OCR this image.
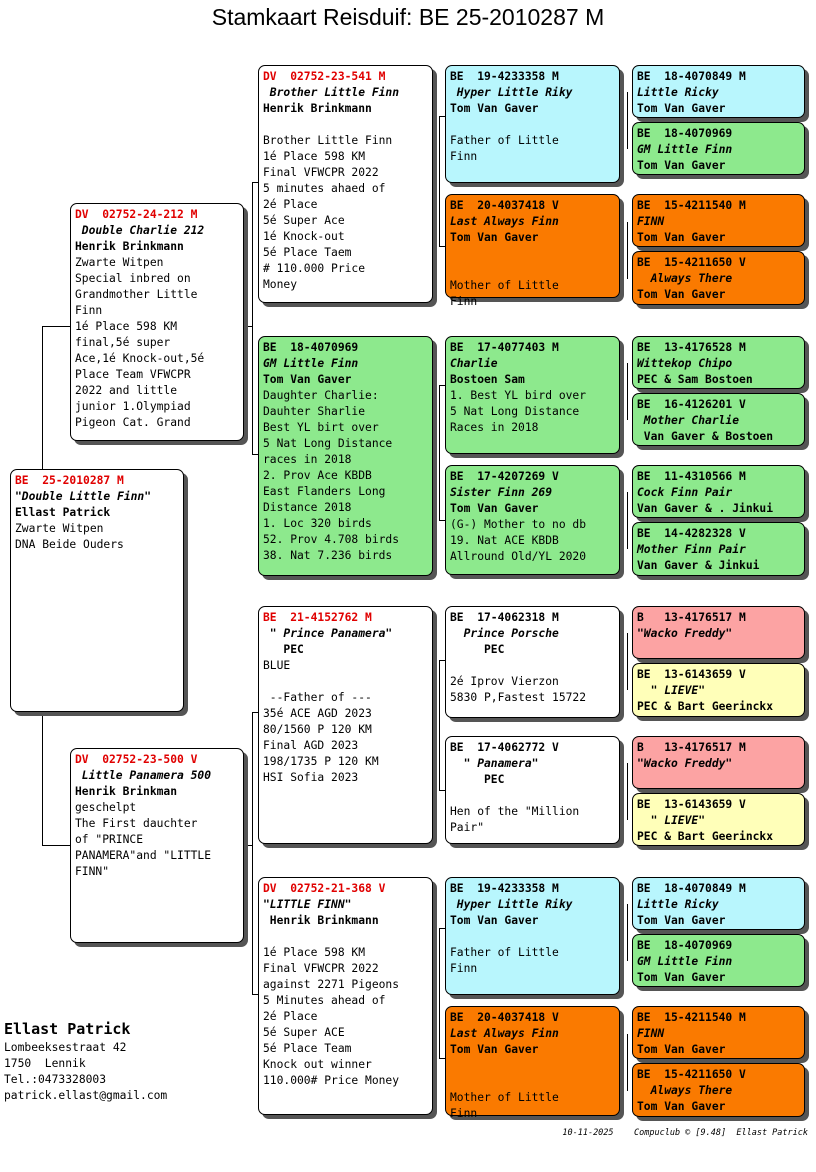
Stamkaart Reisduif: BE 25-2010287 M
BE  25-2010287 M
"Double Little Finn"
Ellast Patrick
Zwarte Witpen
DNA Beide Ouders
DV  02752-24-212 M
Double Charlie 212
Henrik Brinkmann
Zwarte Witpen
Special inbred on
Grandmother Little
Finn
1é Place 598 KM
final,5é super
Ace,1é Knock-out,5é
Place Team VFWCPR
2022 and little
junior 1.Olympiad
Pigeon Cat. Grand
DV  02752-23-500 V
Little Panamera 500
Henrik Brinkman
geschelpt
The First dauchter
of "PRINCE
PANAMERA"and "LITTLE
FINN"
DV  02752-23-541 M
Brother Little Finn
Henrik Brinkmann

Brother Little Finn
1é Place 598 KM
Final VFWCPR 2022
5 minutes ahaed of
2é Place
5é Super Ace
1é Knock-out
5é Place Taem
# 110.000 Price
Money
BE  18-4070969
GM Little Finn
Tom Van Gaver
Daughter Charlie:
Dauhter Sharlie
Best YL birt over
5 Nat Long Distance
races in 2018
2. Prov Ace KBDB
East Flanders Long
Distance 2018
1. Loc 320 birds
52. Prov 4.708 birds
38. Nat 7.236 birds
BE  21-4152762 M
" Prince Panamera"
PEC
BLUE

--Father of ---
35é ACE AGD 2023
80/1560 P 120 KM
Final AGD 2023
198/1735 P 120 KM
HSI Sofia 2023
DV  02752-21-368 V
"LITTLE FINN"
Henrik Brinkmann

1é Place 598 KM
Final VFWCPR 2022
against 2271 Pigeons
5 Minutes ahead of
2é Place
5é Super ACE
5é Place Team
Knock out winner
110.000# Price Money
BE  19-4233358 M
Hyper Little Riky
Tom Van Gaver

Father of Little
Finn
BE  20-4037418 V
Last Always Finn
Tom Van Gaver

Mother of Little
Finn
BE  17-4077403 M
Charlie
Bostoen Sam
1. Best YL bird over
5 Nat Long Distance
Races in 2018
BE  17-4207269 V
Sister Finn 269
Tom Van Gaver
(G-) Mother to no db
19. Nat ACE KBDB
Allround Old/YL 2020
BE  17-4062318 M
Prince Porsche
PEC

2é Iprov Vierzon
5830 P,Fastest 15722
BE  17-4062772 V
" Panamera"
PEC

Hen of the "Million
Pair"
BE  19-4233358 M
Hyper Little Riky
Tom Van Gaver

Father of Little
Finn
BE  20-4037418 V
Last Always Finn
Tom Van Gaver

Mother of Little
Finn
BE  18-4070849 M
Little Ricky
Tom Van Gaver
BE  18-4070969
GM Little Finn
Tom Van Gaver
BE  15-4211540 M
FINN
Tom Van Gaver
BE  15-4211650 V
Always There
Tom Van Gaver
BE  13-4176528 M
Wittekop Chipo
PEC & Sam Bostoen
BE  16-4126201 V
Mother Charlie
Van Gaver & Bostoen
BE  11-4310566 M
Cock Finn Pair
Van Gaver & . Jinkui
BE  14-4282328 V
Mother Finn Pair
Van Gaver & Jinkui
B   13-4176517 M
"Wacko Freddy"
BE  13-6143659 V
" LIEVE"
PEC & Bart Geerinckx
B   13-4176517 M
"Wacko Freddy"
BE  13-6143659 V
" LIEVE"
PEC & Bart Geerinckx
BE  18-4070849 M
Little Ricky
Tom Van Gaver
BE  18-4070969
GM Little Finn
Tom Van Gaver
BE  15-4211540 M
FINN
Tom Van Gaver
BE  15-4211650 V
Always There
Tom Van Gaver
Ellast Patrick
Lombeeksestraat 42
1750  Lennik
Tel.:0473328003
patrick.ellast@gmail.com
10-11-2025    Compuclub © [9.48]  Ellast Patrick
